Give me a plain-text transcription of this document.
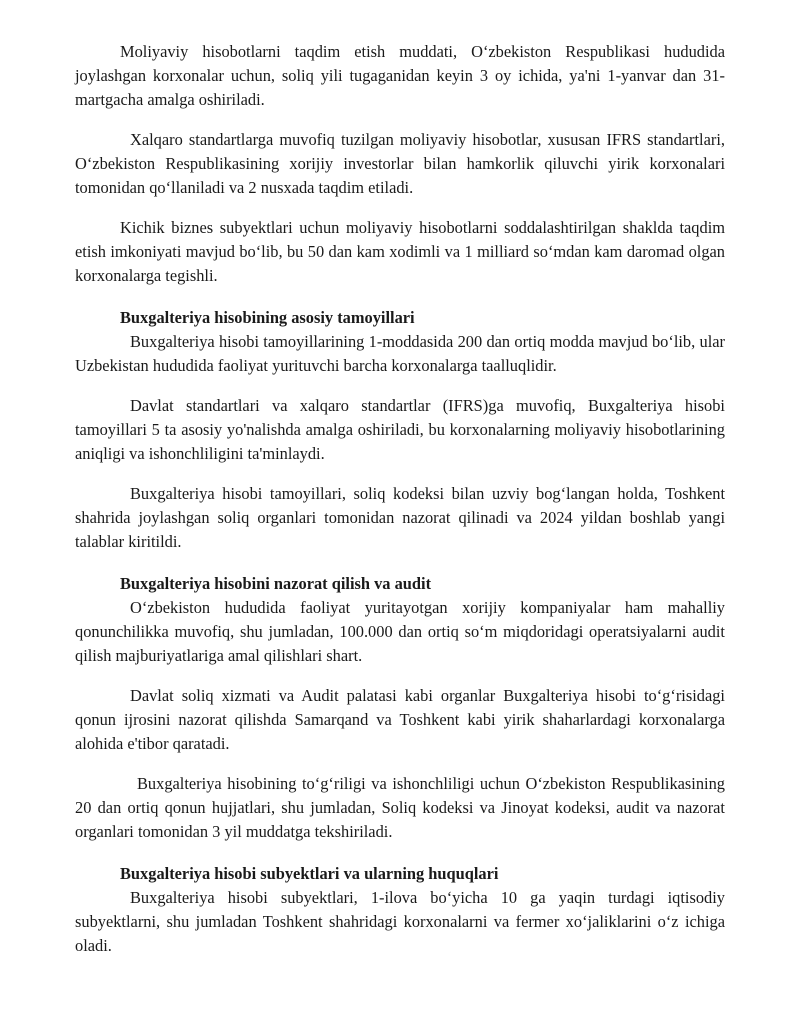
Moliyaviy hisobotlarni taqdim etish muddati, O‘zbekiston Respublikasi hududida joylashgan korxonalar uchun, soliq yili tugaganidan keyin 3 oy ichida, ya'ni 1-yanvar dan 31-martgacha amalga oshiriladi.

Xalqaro standartlarga muvofiq tuzilgan moliyaviy hisobotlar, xususan IFRS standartlari, O‘zbekiston Respublikasining xorijiy investorlar bilan hamkorlik qiluvchi yirik korxonalari tomonidan qo‘llaniladi va 2 nusxada taqdim etiladi.

Kichik biznes subyektlari uchun moliyaviy hisobotlarni soddalashtirilgan shaklda taqdim etish imkoniyati mavjud bo‘lib, bu 50 dan kam xodimli va 1 milliard so‘mdan kam daromad olgan korxonalarga tegishli.

Buxgalteriya hisobining asosiy tamoyillari

Buxgalteriya hisobi tamoyillarining 1-moddasida 200 dan ortiq modda mavjud bo‘lib, ular Uzbekistan hududida faoliyat yurituvchi barcha korxonalarga taalluqlidir.

Davlat standartlari va xalqaro standartlar (IFRS)ga muvofiq, Buxgalteriya hisobi tamoyillari 5 ta asosiy yo'nalishda amalga oshiriladi, bu korxonalarning moliyaviy hisobotlarining aniqligi va ishonchliligini ta'minlaydi.

Buxgalteriya hisobi tamoyillari, soliq kodeksi bilan uzviy bog‘langan holda, Toshkent shahrida joylashgan soliq organlari tomonidan nazorat qilinadi va 2024 yildan boshlab yangi talablar kiritildi.

Buxgalteriya hisobini nazorat qilish va audit

O‘zbekiston hududida faoliyat yuritayotgan xorijiy kompaniyalar ham mahalliy qonunchilikka muvofiq, shu jumladan, 100.000 dan ortiq so‘m miqdoridagi operatsiyalarni audit qilish majburiyatlariga amal qilishlari shart.

Davlat soliq xizmati va Audit palatasi kabi organlar Buxgalteriya hisobi to‘g‘risidagi qonun ijrosini nazorat qilishda Samarqand va Toshkent kabi yirik shaharlardagi korxonalarga alohida e'tibor qaratadi.

Buxgalteriya hisobining to‘g‘riligi va ishonchliligi uchun O‘zbekiston Respublikasining 20 dan ortiq qonun hujjatlari, shu jumladan, Soliq kodeksi va Jinoyat kodeksi, audit va nazorat organlari tomonidan 3 yil muddatga tekshiriladi.

Buxgalteriya hisobi subyektlari va ularning huquqlari

Buxgalteriya hisobi subyektlari, 1-ilova bo‘yicha 10 ga yaqin turdagi iqtisodiy subyektlarni, shu jumladan Toshkent shahridagi korxonalarni va fermer xo‘jaliklarini o‘z ichiga oladi.
